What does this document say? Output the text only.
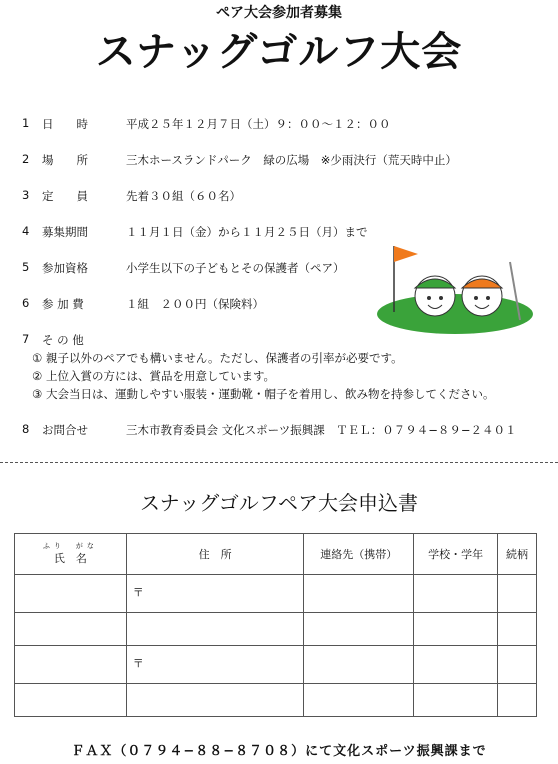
ペア大会参加者募集
スナッグゴルフ大会
1 日　　時	平成２５年１２月７日（土）９：００〜１２：００
2 場　　所	三木ホースランドパーク　緑の広場　※少雨決行（荒天時中止）
3 定　　員	先着３０組（６０名）
4 募集期間	１１月１日（金）から１１月２５日（月）まで
5 参加資格	小学生以下の子どもとその保護者（ペア）
6 参 加 費	１組　２００円（保険料）
7 そ の 他
① 親子以外のペアでも構いません。ただし、保護者の引率が必要です。
② 上位入賞の方には、賞品を用意しています。
③ 大会当日は、運動しやすい服装・運動靴・帽子を着用し、飲み物を持参してください。
8 お問合せ	三木市教育委員会 文化スポーツ振興課　ＴＥＬ：０７９４−８９−２４０１
スナッグゴルフペア大会申込書
ふり　がな
氏　名	住　所	連絡先（携帯）	学校・学年	続柄

	〒			

	〒			

ＦＡＸ（０７９４−８８−８７０８）にて文化スポーツ振興課まで
